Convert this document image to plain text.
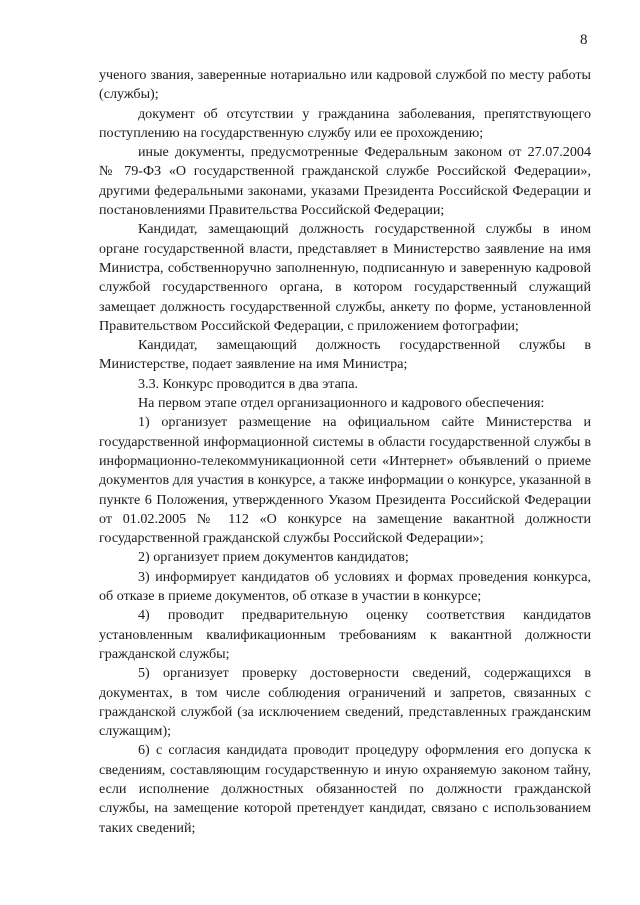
8

ученого звания, заверенные нотариально или кадровой службой по месту работы (службы);

документ об отсутствии у гражданина заболевания, препятствующего поступлению на государственную службу или ее прохождению;

иные документы, предусмотренные Федеральным законом от 27.07.2004 № 79-ФЗ «О государственной гражданской службе Российской Федерации», другими федеральными законами, указами Президента Российской Федерации и постановлениями Правительства Российской Федерации;

Кандидат, замещающий должность государственной службы в ином органе государственной власти, представляет в Министерство заявление на имя Министра, собственноручно заполненную, подписанную и заверенную кадровой службой государственного органа, в котором государственный служащий замещает должность государственной службы, анкету по форме, установленной Правительством Российской Федерации, с приложением фотографии;

Кандидат, замещающий должность государственной службы в Министерстве, подает заявление на имя Министра;

3.3. Конкурс проводится в два этапа.

На первом этапе отдел организационного и кадрового обеспечения:

1) организует размещение на официальном сайте Министерства и государственной информационной системы в области государственной службы в информационно-телекоммуникационной сети «Интернет» объявлений о приеме документов для участия в конкурсе, а также информации о конкурсе, указанной в пункте 6 Положения, утвержденного Указом Президента Российской Федерации от 01.02.2005 № 112 «О конкурсе на замещение вакантной должности государственной гражданской службы Российской Федерации»;

2) организует прием документов кандидатов;

3) информирует кандидатов об условиях и формах проведения конкурса, об отказе в приеме документов, об отказе в участии в конкурсе;

4) проводит предварительную оценку соответствия кандидатов установленным квалификационным требованиям к вакантной должности гражданской службы;

5) организует проверку достоверности сведений, содержащихся в документах, в том числе соблюдения ограничений и запретов, связанных с гражданской службой (за исключением сведений, представленных гражданским служащим);

6) с согласия кандидата проводит процедуру оформления его допуска к сведениям, составляющим государственную и иную охраняемую законом тайну, если исполнение должностных обязанностей по должности гражданской службы, на замещение которой претендует кандидат, связано с использованием таких сведений;
